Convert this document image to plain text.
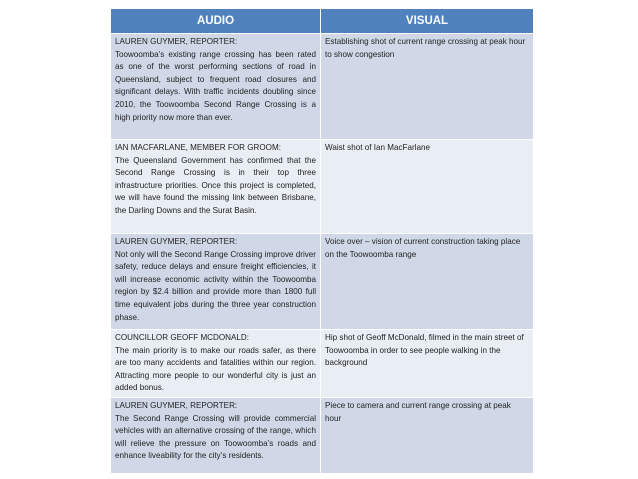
AUDIO	VISUAL

LAUREN GUYMER, REPORTER:
Toowoomba’s existing range crossing has been rated as one of the worst performing sections of road in Queensland, subject to frequent road closures and significant delays. With traffic incidents doubling since 2010, the Toowoomba Second Range Crossing is a high priority now more than ever.	Establishing shot of current range crossing at peak hour to show congestion

IAN MACFARLANE, MEMBER FOR GROOM:
The Queensland Government has confirmed that the Second Range Crossing is in their top three infrastructure priorities. Once this project is completed, we will have found the missing link between Brisbane, the Darling Downs and the Surat Basin.	Waist shot of Ian MacFarlane

LAUREN GUYMER, REPORTER:
Not only will the Second Range Crossing improve driver safety, reduce delays and ensure freight efficiencies, it will increase economic activity within the Toowoomba region by $2.4 billion and provide more than 1800 full time equivalent jobs during the three year construction phase.	Voice over – vision of current construction taking place on the Toowoomba range

COUNCILLOR GEOFF MCDONALD:
The main priority is to make our roads safer, as there are too many accidents and fatalities within our region. Attracting more people to our wonderful city is just an added bonus.	Hip shot of Geoff McDonald, filmed in the main street of Toowoomba in order to see people walking in the background

LAUREN GUYMER, REPORTER:
The Second Range Crossing will provide commercial vehicles with an alternative crossing of the range, which will relieve the pressure on Toowoomba’s roads and enhance liveability for the city’s residents.	Piece to camera and current range crossing at peak hour
